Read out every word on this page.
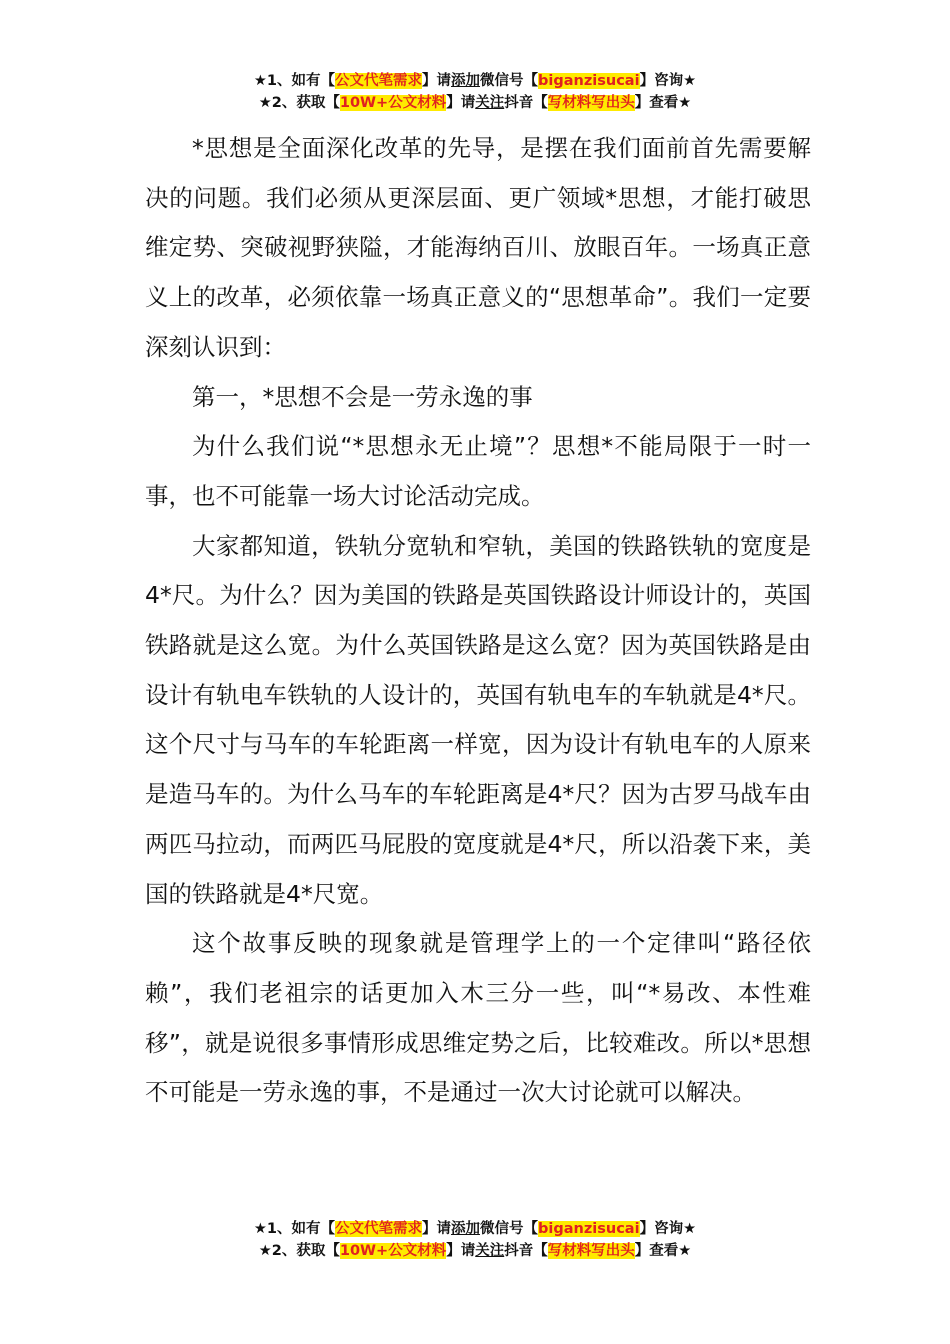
★1、如有【公文代笔需求】请添加微信号【biganzisucai】咨询★
★2、获取【10W+公文材料】请关注抖音【写材料写出头】查看★

*思想是全面深化改革的先导，是摆在我们面前首先需要解决的问题。我们必须从更深层面、更广领域*思想，才能打破思维定势、突破视野狭隘，才能海纳百川、放眼百年。一场真正意义上的改革，必须依靠一场真正意义的“思想革命”。我们一定要深刻认识到：

第一，*思想不会是一劳永逸的事

为什么我们说“*思想永无止境”？思想*不能局限于一时一事，也不可能靠一场大讨论活动完成。

大家都知道，铁轨分宽轨和窄轨，美国的铁路铁轨的宽度是4*尺。为什么？因为美国的铁路是英国铁路设计师设计的，英国铁路就是这么宽。为什么英国铁路是这么宽？因为英国铁路是由设计有轨电车铁轨的人设计的，英国有轨电车的车轨就是4*尺。这个尺寸与马车的车轮距离一样宽，因为设计有轨电车的人原来是造马车的。为什么马车的车轮距离是4*尺？因为古罗马战车由两匹马拉动，而两匹马屁股的宽度就是4*尺，所以沿袭下来，美国的铁路就是4*尺宽。

这个故事反映的现象就是管理学上的一个定律叫“路径依赖”，我们老祖宗的话更加入木三分一些，叫“*易改、本性难移”，就是说很多事情形成思维定势之后，比较难改。所以*思想不可能是一劳永逸的事，不是通过一次大讨论就可以解决。

★1、如有【公文代笔需求】请添加微信号【biganzisucai】咨询★
★2、获取【10W+公文材料】请关注抖音【写材料写出头】查看★
